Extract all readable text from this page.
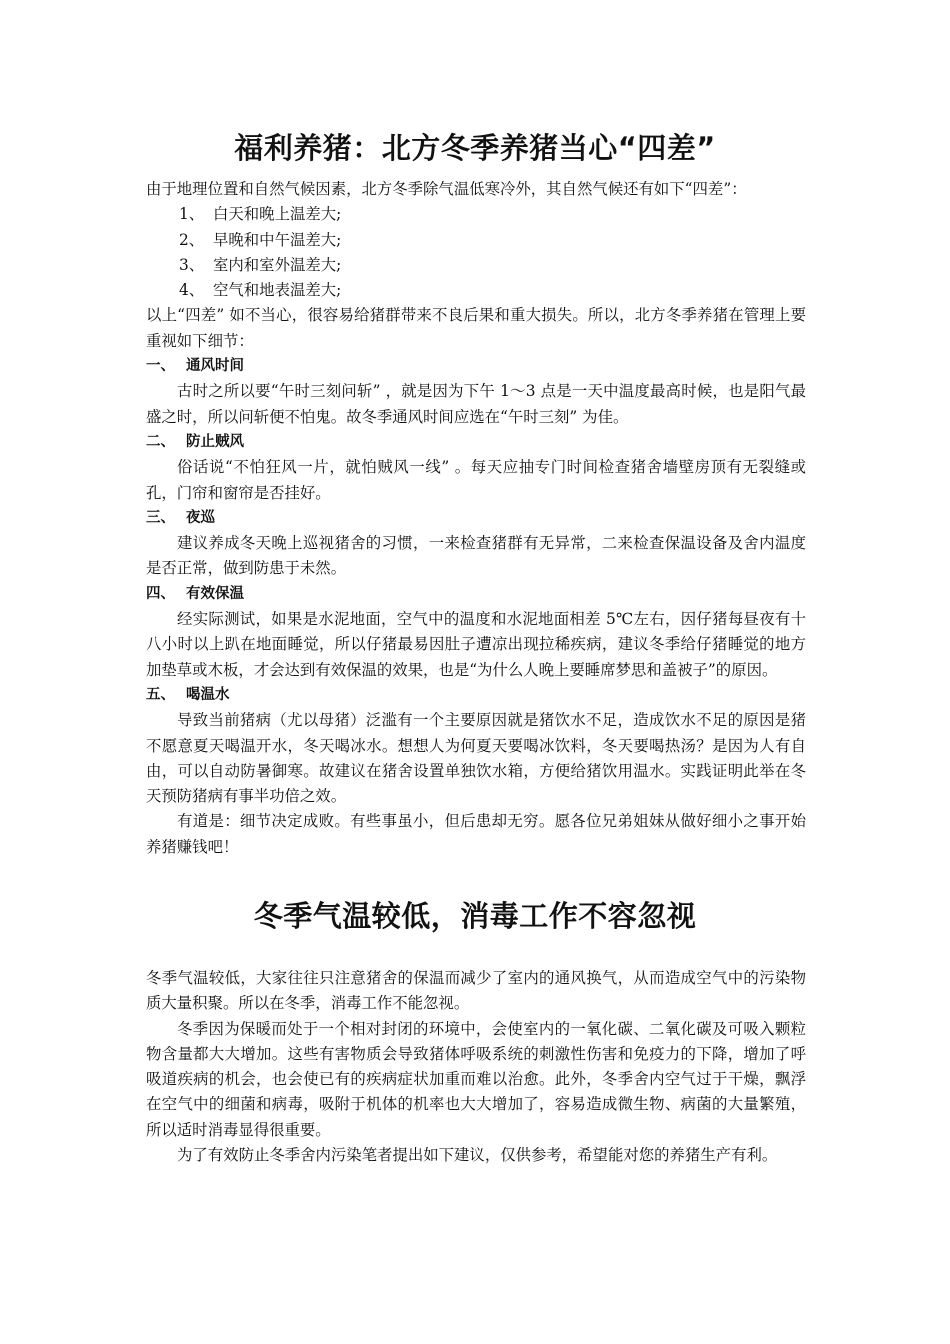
福利养猪：北方冬季养猪当心“四差”

由于地理位置和自然气候因素，北方冬季除气温低寒冷外，其自然气候还有如下“四差”：

1、 白天和晚上温差大;

2、 早晚和中午温差大;

3、 室内和室外温差大;

4、 空气和地表温差大;

以上“四差” 如不当心，很容易给猪群带来不良后果和重大损失。所以，北方冬季养猪在管理上要重视如下细节：

一、 通风时间

古时之所以要“午时三刻问斩” ，就是因为下午 1～3 点是一天中温度最高时候，也是阳气最盛之时，所以问斩便不怕鬼。故冬季通风时间应选在“午时三刻” 为佳。

二、 防止贼风

俗话说“不怕狂风一片，就怕贼风一线” 。每天应抽专门时间检查猪舍墙壁房顶有无裂缝或孔，门帘和窗帘是否挂好。

三、 夜巡

建议养成冬天晚上巡视猪舍的习惯，一来检查猪群有无异常，二来检查保温设备及舍内温度是否正常，做到防患于未然。

四、 有效保温

经实际测试，如果是水泥地面，空气中的温度和水泥地面相差 5℃左右，因仔猪每昼夜有十八小时以上趴在地面睡觉，所以仔猪最易因肚子遭凉出现拉稀疾病，建议冬季给仔猪睡觉的地方加垫草或木板，才会达到有效保温的效果，也是“为什么人晚上要睡席梦思和盖被子”的原因。

五、 喝温水

导致当前猪病（尤以母猪）泛滥有一个主要原因就是猪饮水不足，造成饮水不足的原因是猪不愿意夏天喝温开水，冬天喝冰水。想想人为何夏天要喝冰饮料，冬天要喝热汤？是因为人有自由，可以自动防暑御寒。故建议在猪舍设置单独饮水箱，方便给猪饮用温水。实践证明此举在冬天预防猪病有事半功倍之效。

有道是：细节决定成败。有些事虽小，但后患却无穷。愿各位兄弟姐妹从做好细小之事开始养猪赚钱吧！

冬季气温较低，消毒工作不容忽视

冬季气温较低，大家往往只注意猪舍的保温而减少了室内的通风换气，从而造成空气中的污染物质大量积聚。所以在冬季，消毒工作不能忽视。

冬季因为保暖而处于一个相对封闭的环境中，会使室内的一氧化碳、二氧化碳及可吸入颗粒物含量都大大增加。这些有害物质会导致猪体呼吸系统的刺激性伤害和免疫力的下降，增加了呼吸道疾病的机会，也会使已有的疾病症状加重而难以治愈。此外，冬季舍内空气过于干燥，飘浮在空气中的细菌和病毒，吸附于机体的机率也大大增加了，容易造成微生物、病菌的大量繁殖，所以适时消毒显得很重要。

为了有效防止冬季舍内污染笔者提出如下建议，仅供参考，希望能对您的养猪生产有利。
